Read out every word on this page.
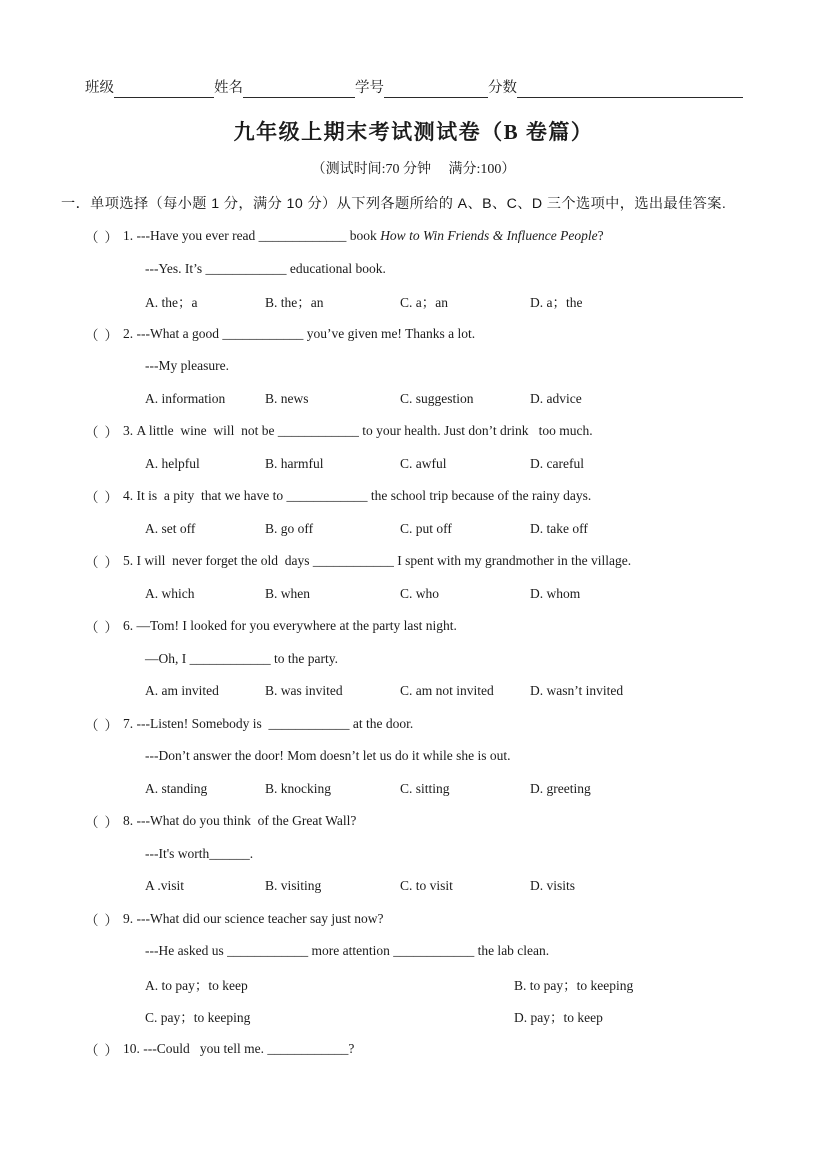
班级	姓名	学号	分数
九年级上期末考试测试卷（B 卷篇）
（测试时间:70 分钟     满分:100）
一．单项选择（每小题 1 分，满分 10 分）从下列各题所给的 A、B、C、D 三个选项中，选出最佳答案.
（ ） 1. ---Have you ever read _____________ book How to Win Friends & Influence People ?
---Yes. It’s ____________ educational book.
A. the；a	B. the；an	C. a；an	D. a；the
（ ） 2. ---What a good ____________ you’ve given me! Thanks a lot.
---My pleasure.
A. information	B. news	C. suggestion	D. advice
（ ） 3. A little  wine  will  not be ____________ to your health. Just don’t drink   too much.
A. helpful	B. harmful	C. awful	D. careful
（ ） 4. It is  a pity  that we have to ____________ the school trip because of the rainy days.
A. set off	B. go off	C. put off	D. take off
（ ） 5. I will  never forget the old  days ____________ I spent with my grandmother in the village.
A. which	B. when	C. who	D. whom
（ ） 6. —Tom! I looked for you everywhere at the party last night.
—Oh, I ____________ to the party.
A. am invited	B. was invited	C. am not invited	D. wasn’t invited
（ ） 7. ---Listen! Somebody is  ____________ at the door.
---Don’t answer the door! Mom doesn’t let us do it while she is out.
A. standing	B. knocking	C. sitting	D. greeting
（ ） 8. ---What do you think  of the Great Wall?
---It's worth______.
A .visit	B. visiting	C. to visit	D. visits
（ ） 9. ---What did our science teacher say just now?
---He asked us ____________ more attention ____________ the lab clean.
A. to pay；to keep	B. to pay；to keeping
C. pay；to keeping	D. pay；to keep
（ ） 10. ---Could   you tell me. ____________?
